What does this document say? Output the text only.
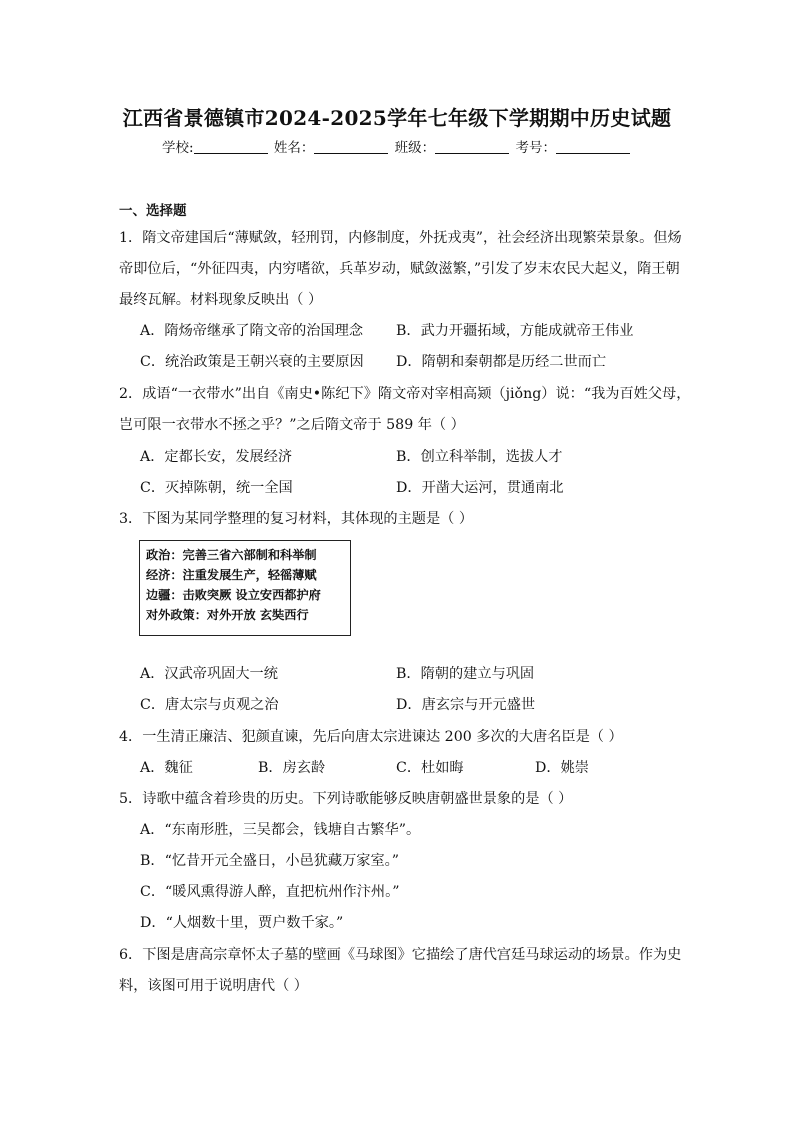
江西省景德镇市2024-2025学年七年级下学期期中历史试题
学校:	姓名：	班级：	考号：
一、选择题
1．隋文帝建国后“薄赋敛，轻刑罚，内修制度，外抚戎夷”，社会经济出现繁荣景象。但炀
帝即位后，“外征四夷，内穷嗜欲，兵革岁动，赋敛滋繁，”引发了岁末农民大起义，隋王朝
最终瓦解。材料现象反映出（ ）
A．隋炀帝继承了隋文帝的治国理念 B．武力开疆拓域，方能成就帝王伟业
C．统治政策是王朝兴衰的主要原因 D．隋朝和秦朝都是历经二世而亡
2．成语“一衣带水”出自《南史•陈纪下》隋文帝对宰相高颎（jiǒng）说：“我为百姓父母，
岂可限一衣带水不拯之乎？”之后隋文帝于 589 年（ ）
A．定都长安，发展经济	B．创立科举制，选拔人才
C．灭掉陈朝，统一全国	D．开凿大运河，贯通南北
3．下图为某同学整理的复习材料，其体现的主题是（ ）
政治：完善三省六部制和科举制
经济：注重发展生产，轻徭薄赋
边疆：击败突厥 设立安西都护府
对外政策：对外开放 玄奘西行
A．汉武帝巩固大一统	B．隋朝的建立与巩固
C．唐太宗与贞观之治	D．唐玄宗与开元盛世
4．一生清正廉洁、犯颜直谏，先后向唐太宗进谏达 200 多次的大唐名臣是（ ）
A．魏征	B．房玄龄	C．杜如晦	D．姚崇
5．诗歌中蕴含着珍贵的历史。下列诗歌能够反映唐朝盛世景象的是（ ）
A．“东南形胜，三吴都会，钱塘自古繁华”。
B．“忆昔开元全盛日，小邑犹藏万家室。”
C．“暖风熏得游人醉，直把杭州作汴州。”
D．“人烟数十里，贾户数千家。”
6．下图是唐高宗章怀太子墓的壁画《马球图》它描绘了唐代宫廷马球运动的场景。作为史
料，该图可用于说明唐代（ ）
